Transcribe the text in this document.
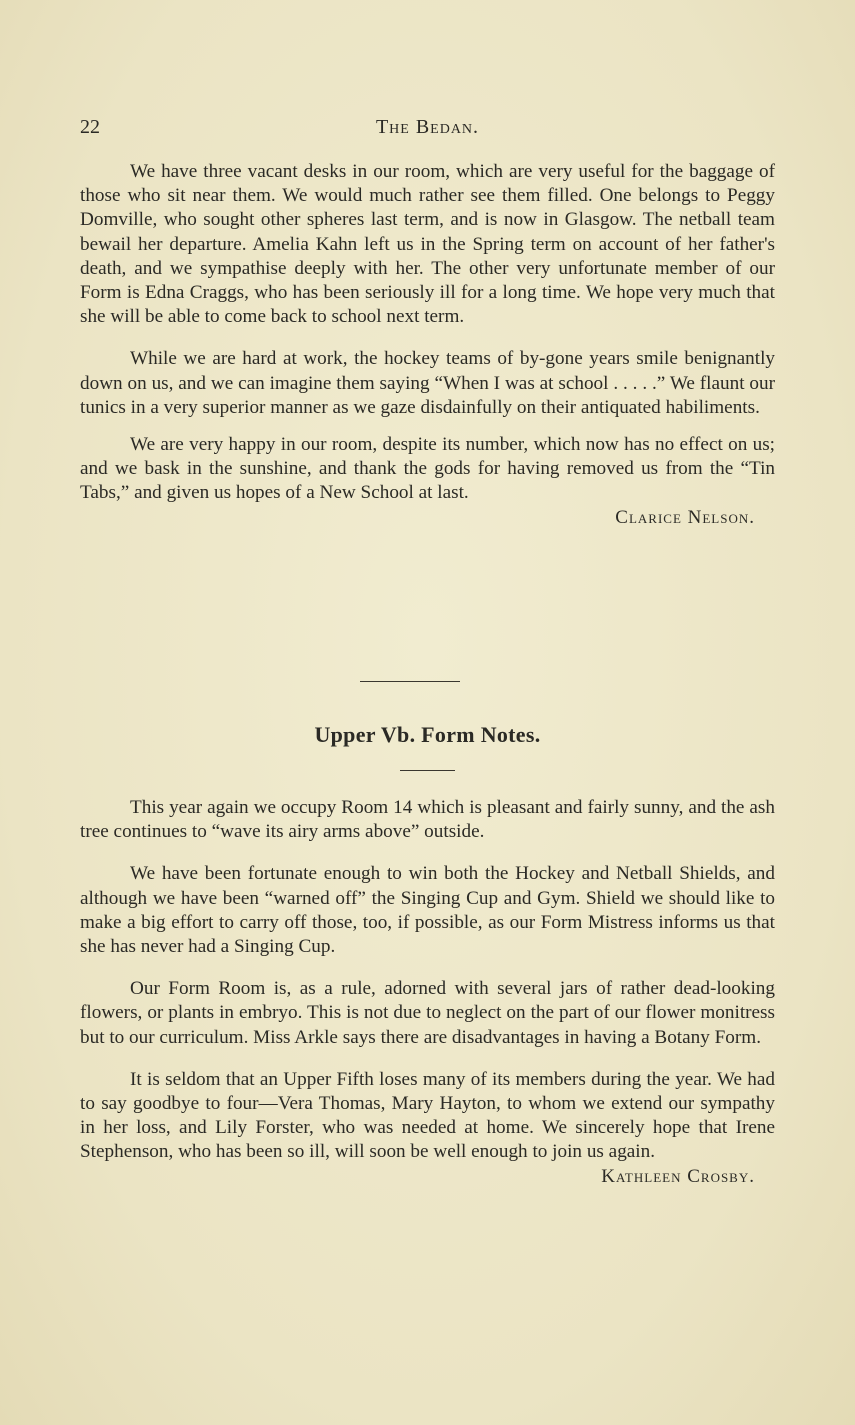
22	The Bedan.

We have three vacant desks in our room, which are very useful for the baggage of those who sit near them. We would much rather see them filled. One belongs to Peggy Domville, who sought other spheres last term, and is now in Glasgow. The netball team bewail her departure. Amelia Kahn left us in the Spring term on account of her father's death, and we sympathise deeply with her. The other very unfortunate member of our Form is Edna Craggs, who has been seriously ill for a long time. We hope very much that she will be able to come back to school next term.

While we are hard at work, the hockey teams of by-gone years smile benignantly down on us, and we can imagine them saying “When I was at school . . . . .” We flaunt our tunics in a very superior manner as we gaze disdainfully on their antiquated habiliments.

We are very happy in our room, despite its number, which now has no effect on us; and we bask in the sunshine, and thank the gods for having removed us from the “Tin Tabs,” and given us hopes of a New School at last.

Clarice Nelson.
Upper Vb. Form Notes.

This year again we occupy Room 14 which is pleasant and fairly sunny, and the ash tree continues to “wave its airy arms above” outside.

We have been fortunate enough to win both the Hockey and Netball Shields, and although we have been “warned off” the Singing Cup and Gym. Shield we should like to make a big effort to carry off those, too, if possible, as our Form Mistress informs us that she has never had a Singing Cup.

Our Form Room is, as a rule, adorned with several jars of rather dead-looking flowers, or plants in embryo. This is not due to neglect on the part of our flower monitress but to our curriculum. Miss Arkle says there are disadvantages in having a Botany Form.

It is seldom that an Upper Fifth loses many of its members during the year. We had to say goodbye to four—Vera Thomas, Mary Hayton, to whom we extend our sympathy in her loss, and Lily Forster, who was needed at home. We sincerely hope that Irene Stephenson, who has been so ill, will soon be well enough to join us again.

Kathleen Crosby.
